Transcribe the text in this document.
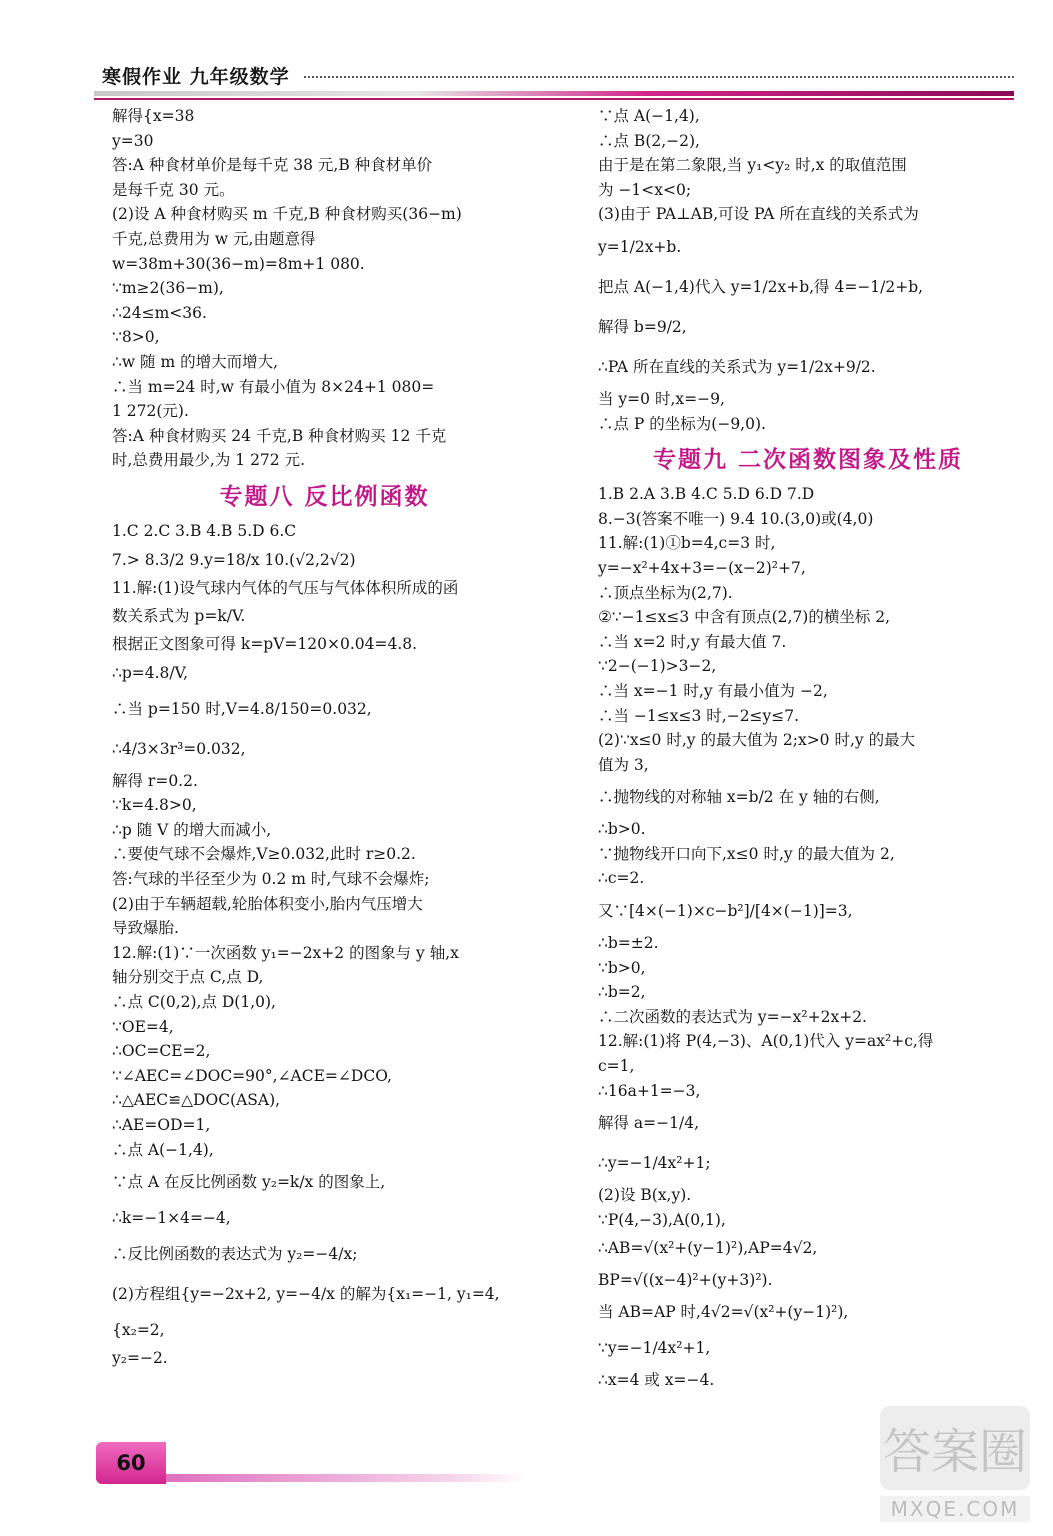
寒假作业 九年级数学
解得{x=38
y=30
答:A 种食材单价是每千克 38 元,B 种食材单价
是每千克 30 元。
(2)设 A 种食材购买 m 千克,B 种食材购买(36−m)
千克,总费用为 w 元,由题意得
w=38m+30(36−m)=8m+1 080.
∵m≥2(36−m),
∴24≤m<36.
∵8>0,
∴w 随 m 的增大而增大,
∴当 m=24 时,w 有最小值为 8×24+1 080=
1 272(元).
答:A 种食材购买 24 千克,B 种食材购买 12 千克
时,总费用最少,为 1 272 元.
专题八 反比例函数
1.C 2.C 3.B 4.B 5.D 6.C
7.> 8.3/2 9.y=18/x 10.(√2,2√2)
11.解:(1)设气球内气体的气压与气体体积所成的函
数关系式为 p=k/V.
根据正文图象可得 k=pV=120×0.04=4.8.
∴p=4.8/V,
∴当 p=150 时,V=4.8/150=0.032,
∴4/3×3r³=0.032,
解得 r=0.2.
∵k=4.8>0,
∴p 随 V 的增大而减小,
∴要使气球不会爆炸,V≥0.032,此时 r≥0.2.
答:气球的半径至少为 0.2 m 时,气球不会爆炸;
(2)由于车辆超载,轮胎体积变小,胎内气压增大
导致爆胎.
12.解:(1)∵一次函数 y₁=−2x+2 的图象与 y 轴,x
轴分别交于点 C,点 D,
∴点 C(0,2),点 D(1,0),
∵OE=4,
∴OC=CE=2,
∵∠AEC=∠DOC=90°,∠ACE=∠DCO,
∴△AEC≌△DOC(ASA),
∴AE=OD=1,
∴点 A(−1,4),
∵点 A 在反比例函数 y₂=k/x 的图象上,
∴k=−1×4=−4,
∴反比例函数的表达式为 y₂=−4/x;
(2)方程组{y=−2x+2, y=−4/x 的解为{x₁=−1, y₁=4,
{x₂=2,
y₂=−2.
∵点 A(−1,4),
∴点 B(2,−2),
由于是在第二象限,当 y₁<y₂ 时,x 的取值范围
为 −1<x<0;
(3)由于 PA⊥AB,可设 PA 所在直线的关系式为
y=1/2x+b.
把点 A(−1,4)代入 y=1/2x+b,得 4=−1/2+b,
解得 b=9/2,
∴PA 所在直线的关系式为 y=1/2x+9/2.
当 y=0 时,x=−9,
∴点 P 的坐标为(−9,0).
专题九 二次函数图象及性质
1.B 2.A 3.B 4.C 5.D 6.D 7.D
8.−3(答案不唯一) 9.4 10.(3,0)或(4,0)
11.解:(1)①b=4,c=3 时,
y=−x²+4x+3=−(x−2)²+7,
∴顶点坐标为(2,7).
②∵−1≤x≤3 中含有顶点(2,7)的横坐标 2,
∴当 x=2 时,y 有最大值 7.
∵2−(−1)>3−2,
∴当 x=−1 时,y 有最小值为 −2,
∴当 −1≤x≤3 时,−2≤y≤7.
(2)∵x≤0 时,y 的最大值为 2;x>0 时,y 的最大
值为 3,
∴抛物线的对称轴 x=b/2 在 y 轴的右侧,
∴b>0.
∵抛物线开口向下,x≤0 时,y 的最大值为 2,
∴c=2.
又∵[4×(−1)×c−b²]/[4×(−1)]=3,
∴b=±2.
∵b>0,
∴b=2,
∴二次函数的表达式为 y=−x²+2x+2.
12.解:(1)将 P(4,−3)、A(0,1)代入 y=ax²+c,得
c=1,
∴16a+1=−3,
解得 a=−1/4,
∴y=−1/4x²+1;
(2)设 B(x,y).
∵P(4,−3),A(0,1),
∴AB=√(x²+(y−1)²),AP=4√2,
BP=√((x−4)²+(y+3)²).
当 AB=AP 时,4√2=√(x²+(y−1)²),
∵y=−1/4x²+1,
∴x=4 或 x=−4.
60	答案圈
MXQE.COM
